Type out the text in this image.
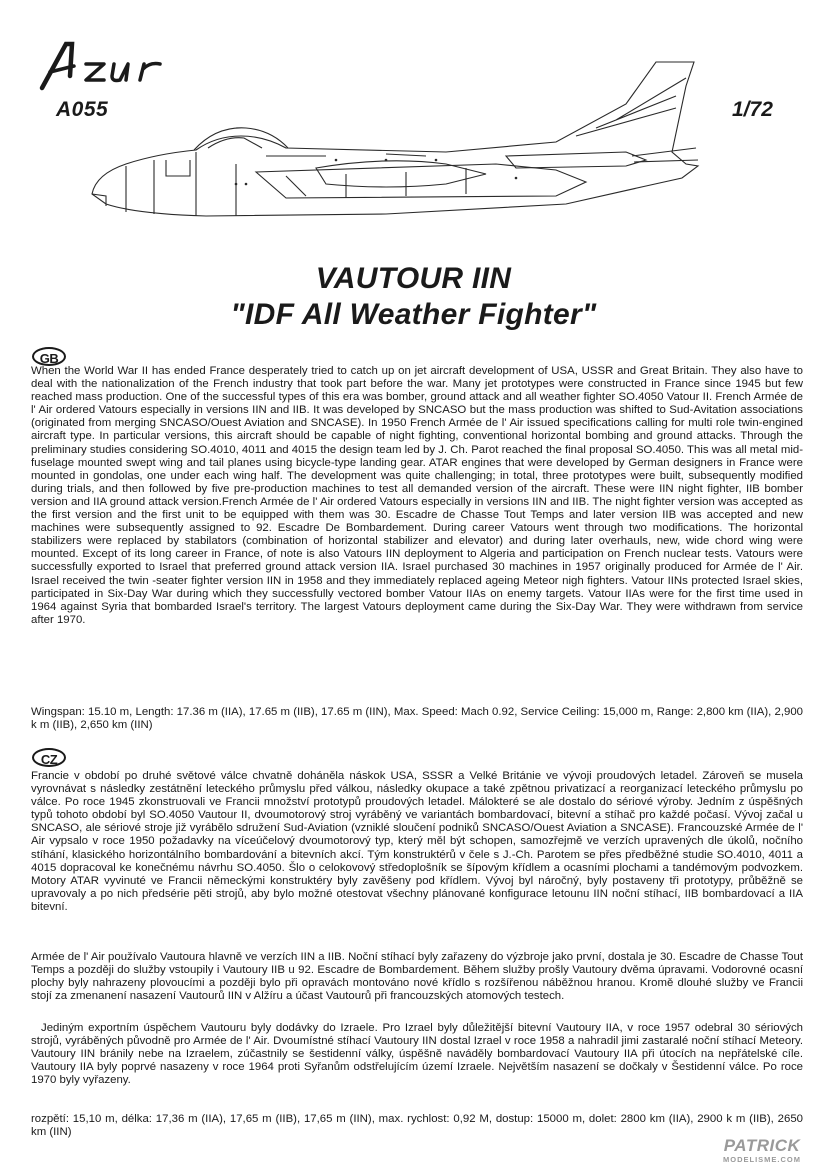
A055	1/72
VAUTOUR IIN
"IDF All Weather Fighter"
GB

When the World War II has ended France desperately tried to catch up on jet aircraft development of USA, USSR and Great Britain. They also have to deal with the nationalization of the French industry that took part before the war. Many jet prototypes were constructed in France since 1945 but few reached mass production. One of the successful types of this era was bomber, ground attack and all weather fighter SO.4050 Vatour II. French Armée de l' Air ordered Vatours especially in versions IIN and IIB. It was developed by SNCASO but the mass production was shifted to Sud-Avitation associations (originated from merging SNCASO/Ouest Aviation and SNCASE). In 1950 French Armée de l' Air issued specifications calling for multi role twin-engined aircraft type. In particular versions, this aircraft should be capable of night fighting, conventional horizontal bombing and ground attacks. Through the preliminary studies considering SO.4010, 4011 and 4015 the design team led by J. Ch. Parot reached the final proposal SO.4050. This was all metal mid-fuselage mounted swept wing and tail planes using bicycle-type landing gear. ATAR engines that were developed by German designers in France were mounted in gondolas, one under each wing half. The development was quite challenging; in total, three prototypes were built, subsequently modified during trials, and then followed by five pre-production machines to test all demanded version of the aircraft. These were IIN night fighter, IIB bomber version and IIA ground attack version.French Armée de l' Air ordered Vatours especially in versions IIN and IIB. The night fighter version was accepted as the first version and the first unit to be equipped with them was 30. Escadre de Chasse Tout Temps and later version IIB was accepted and new machines were subsequently assigned to 92. Escadre De Bombardement. During career Vatours went through two modifications. The horizontal stabilizers were replaced by stabilators (combination of horizontal stabilizer and elevator) and during later overhauls, new, wide chord wing were mounted. Except of its long career in France, of note is also Vatours IIN deployment to Algeria and participation on French nuclear tests. Vatours were successfully exported to Israel that preferred ground attack version IIA. Israel purchased 30 machines in 1957 originally produced for Armée de l' Air. Israel received the twin -seater fighter version IIN in 1958 and they immediately replaced ageing Meteor nigh fighters. Vatour IINs protected Israel skies, participated in Six-Day War during which they successfully vectored bomber Vatour IIAs on enemy targets. Vatour IIAs were for the first time used in 1964 against Syria that bombarded Israel's territory. The largest Vatours deployment came during the Six-Day War. They were withdrawn from service after 1970.

Wingspan: 15.10 m, Length: 17.36 m (IIA), 17.65 m (IIB), 17.65 m (IIN), Max. Speed: Mach 0.92, Service Ceiling: 15,000 m, Range: 2,800 km (IIA), 2,900 k m (IIB), 2,650 km (IIN)

CZ

Francie v období po druhé světové válce chvatně doháněla náskok USA, SSSR a Velké Británie ve vývoji proudových letadel. Zároveň se musela vyrovnávat s následky zestátnění leteckého průmyslu před válkou, následky okupace a také zpětnou privatizací a reorganizací leteckého průmyslu po válce. Po roce 1945 zkonstruovali ve Francii množství prototypů proudových letadel. Málokteré se ale dostalo do sériové výroby. Jedním z úspěšných typů tohoto období byl SO.4050 Vautour II, dvoumotorový stroj vyráběný ve variantách bombardovací, bitevní a stíhač pro každé počasí. Vývoj začal u SNCASO, ale sériové stroje již vyrábělo sdružení Sud-Aviation (vzniklé sloučení podniků SNCASO/Ouest Aviation a SNCASE). Francouzské Armée de l' Air vypsalo v roce 1950 požadavky na víceúčelový dvoumotorový typ, který měl být schopen, samozřejmě ve verzích upravených dle úkolů, nočního stíhání, klasického horizontálního bombardování a bitevních akcí. Tým konstruktérů v čele s J.-Ch. Parotem se přes předběžné studie SO.4010, 4011 a 4015 dopracoval ke konečnému návrhu SO.4050. Šlo o celokovový středoplošník se šípovým křídlem a ocasními plochami a tandémovým podvozkem. Motory ATAR vyvinuté ve Francii německými konstruktéry byly zavěšeny pod křídlem. Vývoj byl náročný, byly postaveny tři prototypy, průběžně se upravovaly a po nich předsérie pěti strojů, aby bylo možné otestovat všechny plánované konfigurace letounu IIN noční stíhací, IIB bombardovací a IIA bitevní.

Armée de l' Air používalo Vautoura hlavně ve verzích IIN a IIB. Noční stíhací byly zařazeny do výzbroje jako první, dostala je 30. Escadre de Chasse Tout Temps a později do služby vstoupily i Vautoury IIB u 92. Escadre de Bombardement. Během služby prošly Vautoury dvěma úpravami. Vodorovné ocasní plochy byly nahrazeny plovoucími a později bylo při opravách montováno nové křídlo s rozšířenou náběžnou hranou. Kromě dlouhé služby ve Francii stojí za zmenanení nasazení Vautourů IIN v Alžíru a účast Vautourů při francouzských atomových testech.

Jediným exportním úspěchem Vautouru byly dodávky do Izraele. Pro Izrael byly důležitější bitevní Vautoury IIA, v roce 1957 odebral 30 sériových strojů, vyráběných původně pro Armée de l' Air. Dvoumístné stíhací Vautoury IIN dostal Izrael v roce 1958 a nahradil jimi zastaralé noční stíhací Meteory. Vautoury IIN bránily nebe na Izraelem, zúčastnily se šestidenní války, úspěšně naváděly bombardovací Vautoury IIA při útocích na nepřátelské cíle. Vautoury IIA byly poprvé nasazeny v roce 1964 proti Syřanům odstřelujícím území Izraele. Největším nasazení se dočkaly v Šestidenní válce. Po roce 1970 byly vyřazeny.

rozpětí: 15,10 m, délka: 17,36 m (IIA), 17,65 m (IIB), 17,65 m (IIN), max. rychlost: 0,92 M, dostup: 15000 m, dolet: 2800 km (IIA), 2900 k m (IIB), 2650 km (IIN)

PATRICK
MODELISME.COM
